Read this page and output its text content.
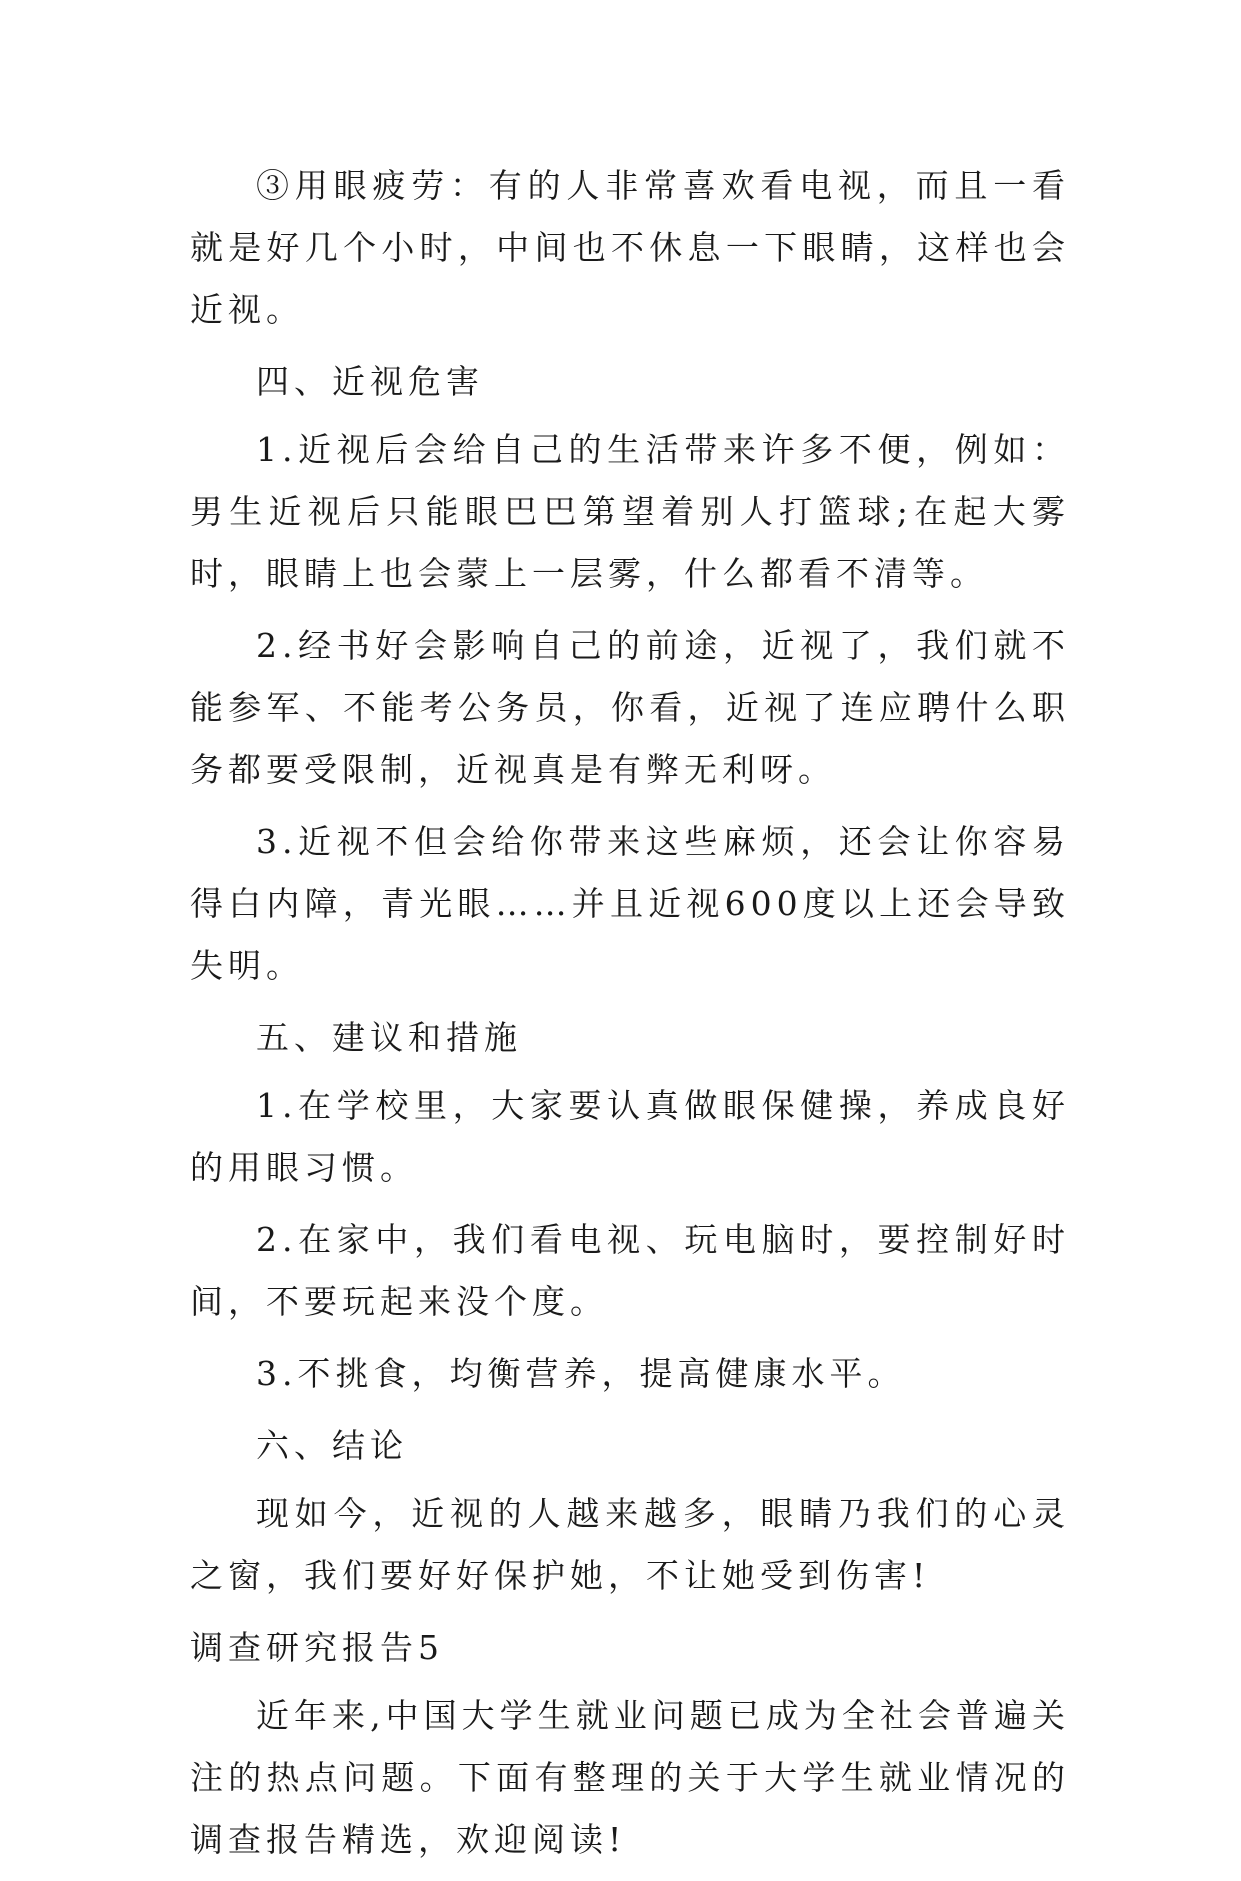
③用眼疲劳：有的人非常喜欢看电视，而且一看就是好几个小时，中间也不休息一下眼睛，这样也会近视。

四、近视危害

1.近视后会给自己的生活带来许多不便，例如：男生近视后只能眼巴巴第望着别人打篮球;在起大雾时，眼睛上也会蒙上一层雾，什么都看不清等。

2.经书好会影响自己的前途，近视了，我们就不能参军、不能考公务员，你看，近视了连应聘什么职务都要受限制，近视真是有弊无利呀。

3.近视不但会给你带来这些麻烦，还会让你容易得白内障，青光眼……并且近视600度以上还会导致失明。

五、建议和措施

1.在学校里，大家要认真做眼保健操，养成良好的用眼习惯。

2.在家中，我们看电视、玩电脑时，要控制好时间，不要玩起来没个度。

3.不挑食，均衡营养，提高健康水平。

六、结论

现如今，近视的人越来越多，眼睛乃我们的心灵之窗，我们要好好保护她，不让她受到伤害!

调查研究报告5

近年来,中国大学生就业问题已成为全社会普遍关注的热点问题。下面有整理的关于大学生就业情况的调查报告精选，欢迎阅读!
